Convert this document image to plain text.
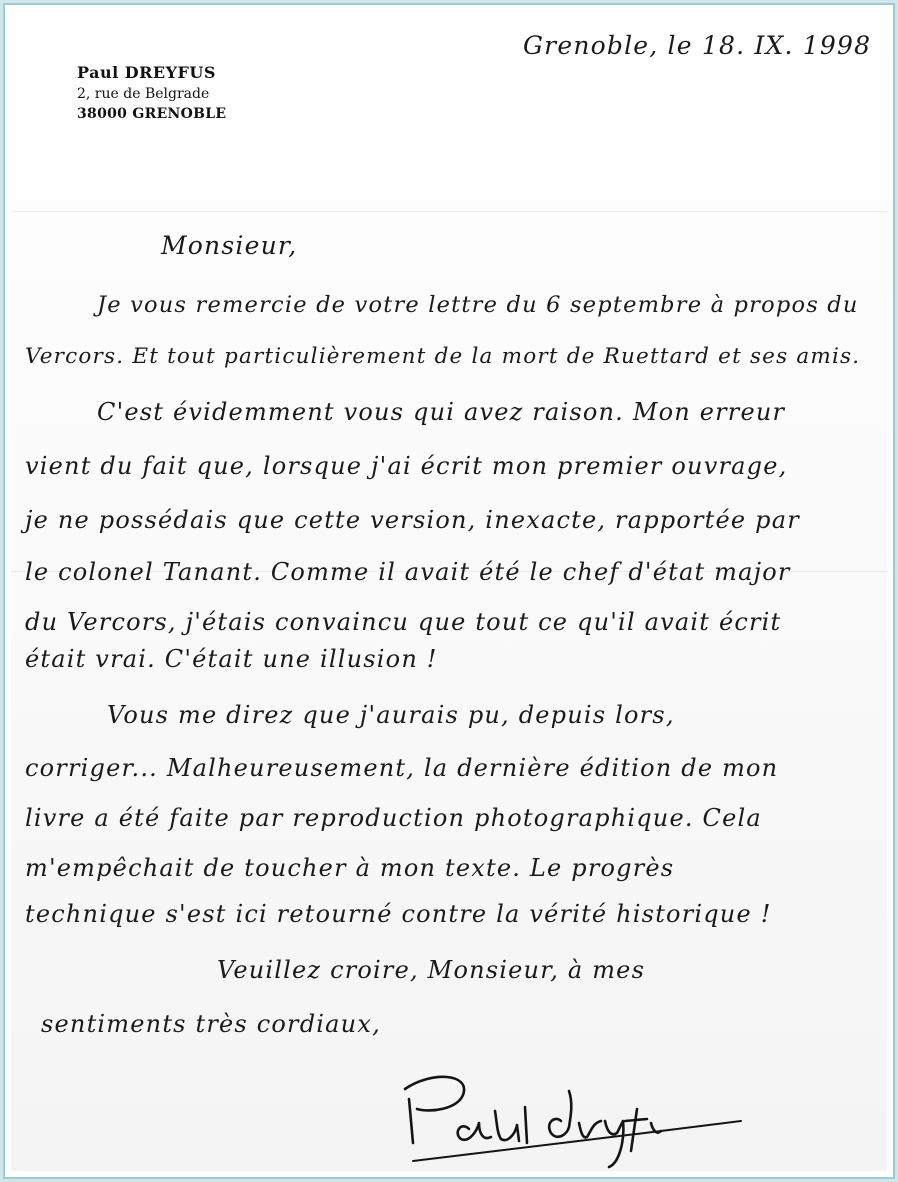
Paul DREYFUS
2, rue de Belgrade
38000 GRENOBLE
Grenoble, le 18. IX. 1998
Monsieur,
Je vous remercie de votre lettre du 6 septembre à propos du
Vercors. Et tout particulièrement de la mort de Ruettard et ses amis.
C'est évidemment vous qui avez raison. Mon erreur
vient du fait que, lorsque j'ai écrit mon premier ouvrage,
je ne possédais que cette version, inexacte, rapportée par
le colonel Tanant. Comme il avait été le chef d'état major
du Vercors, j'étais convaincu que tout ce qu'il avait écrit
était vrai. C'était une illusion !
Vous me direz que j'aurais pu, depuis lors,
corriger... Malheureusement, la dernière édition de mon
livre a été faite par reproduction photographique. Cela
m'empêchait de toucher à mon texte. Le progrès
technique s'est ici retourné contre la vérité historique !
Veuillez croire, Monsieur, à mes
sentiments très cordiaux,
Paul Dreyfus
